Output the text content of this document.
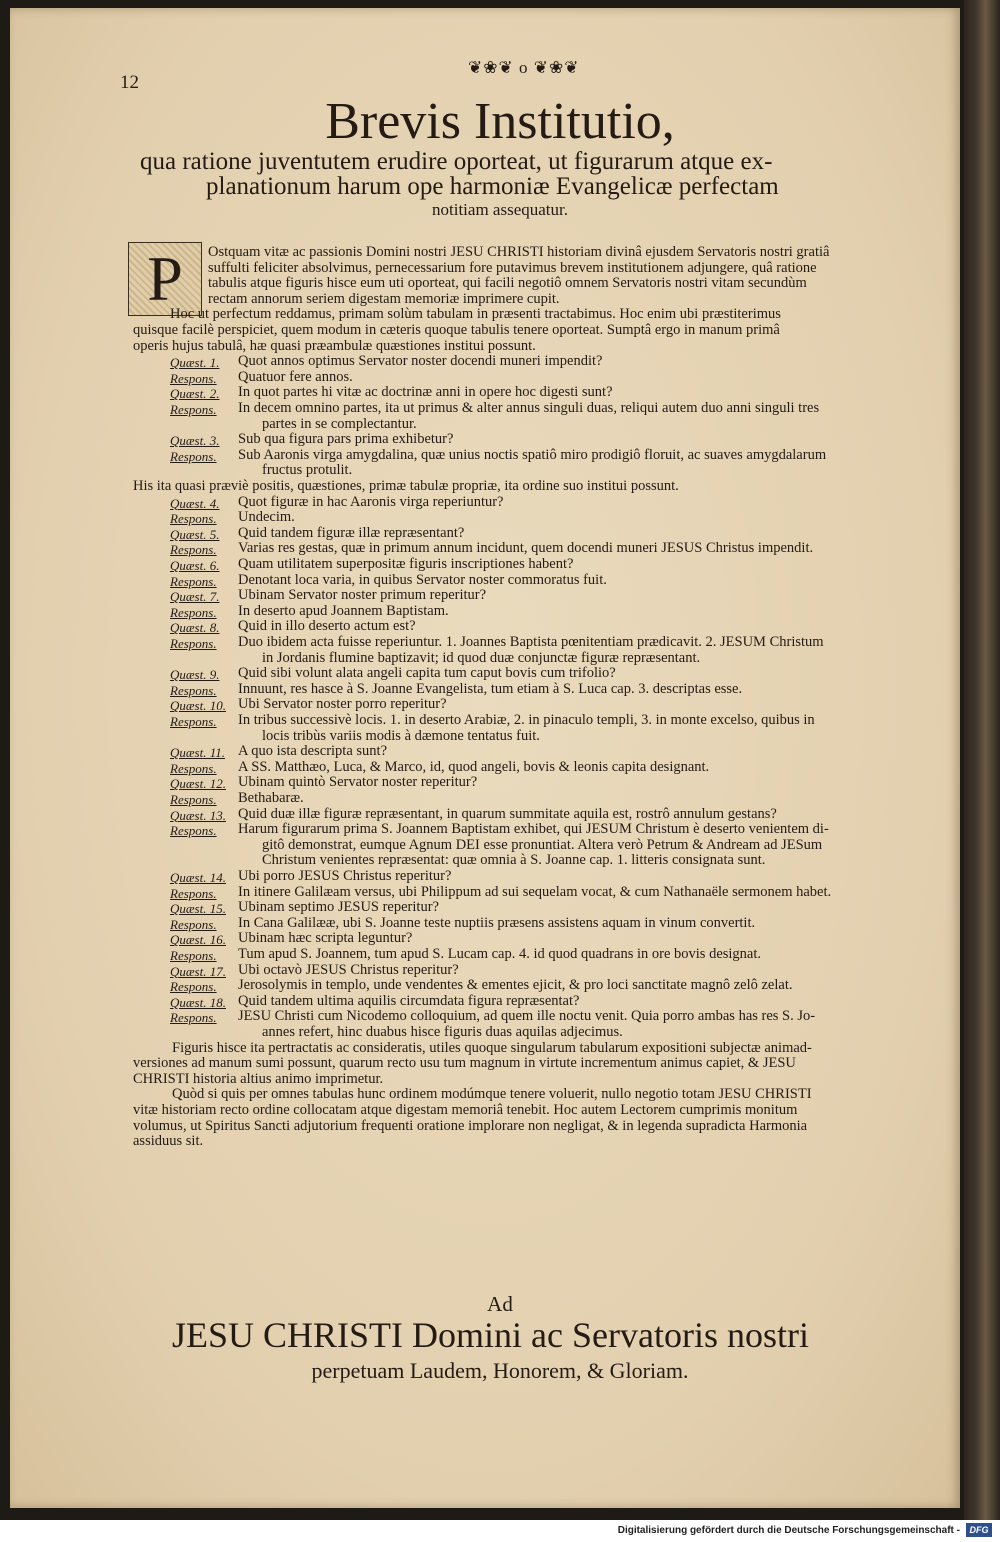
12
❦❀❦ o ❦❀❦
Brevis Institutio,
qua ratione juventutem erudire oporteat, ut figurarum atque ex-
planationum harum ope harmoniæ Evangelicæ perfectam
notitiam assequatur.
P	Ostquam vitæ ac passionis Domini nostri JESU CHRISTI historiam divinâ ejusdem Servatoris nostri gratiâ
suffulti feliciter absolvimus, pernecessarium fore putavimus brevem institutionem adjungere, quâ ratione
tabulis atque figuris hisce eum uti oporteat, qui facili negotiô omnem Servatoris nostri vitam secundùm
rectam annorum seriem digestam memoriæ imprimere cupit.
Hoc ut perfectum reddamus, primam solùm tabulam in præsenti tractabimus. Hoc enim ubi præstiterimus
quisque facilè perspiciet, quem modum in cæteris quoque tabulis tenere oporteat. Sumptâ ergo in manum primâ
operis hujus tabulâ, hæ quasi præambulæ quæstiones institui possunt.
Quæst. 1. Quot annos optimus Servator noster docendi muneri impendit?
Respons. Quatuor fere annos.
Quæst. 2. In quot partes hi vitæ ac doctrinæ anni in opere hoc digesti sunt?
Respons. In decem omnino partes, ita ut primus & alter annus singuli duas, reliqui autem duo anni singuli tres
partes in se complectantur.
Quæst. 3. Sub qua figura pars prima exhibetur?
Respons. Sub Aaronis virga amygdalina, quæ unius noctis spatiô miro prodigiô floruit, ac suaves amygdalarum
fructus protulit.
His ita quasi præviè positis, quæstiones, primæ tabulæ propriæ, ita ordine suo institui possunt.
Quæst. 4. Quot figuræ in hac Aaronis virga reperiuntur?
Respons. Undecim.
Quæst. 5. Quid tandem figuræ illæ repræsentant?
Respons. Varias res gestas, quæ in primum annum incidunt, quem docendi muneri JESUS Christus impendit.
Quæst. 6. Quam utilitatem superpositæ figuris inscriptiones habent?
Respons. Denotant loca varia, in quibus Servator noster commoratus fuit.
Quæst. 7. Ubinam Servator noster primum reperitur?
Respons. In deserto apud Joannem Baptistam.
Quæst. 8. Quid in illo deserto actum est?
Respons. Duo ibidem acta fuisse reperiuntur. 1. Joannes Baptista pœnitentiam prædicavit. 2. JESUM Christum
in Jordanis flumine baptizavit; id quod duæ conjunctæ figuræ repræsentant.
Quæst. 9. Quid sibi volunt alata angeli capita tum caput bovis cum trifolio?
Respons. Innuunt, res hasce à S. Joanne Evangelista, tum etiam à S. Luca cap. 3. descriptas esse.
Quæst. 10. Ubi Servator noster porro reperitur?
Respons. In tribus successivè locis. 1. in deserto Arabiæ, 2. in pinaculo templi, 3. in monte excelso, quibus in
locis tribùs variis modis à dæmone tentatus fuit.
Quæst. 11. A quo ista descripta sunt?
Respons. A SS. Matthæo, Luca, & Marco, id, quod angeli, bovis & leonis capita designant.
Quæst. 12. Ubinam quintò Servator noster reperitur?
Respons. Bethabaræ.
Quæst. 13. Quid duæ illæ figuræ repræsentant, in quarum summitate aquila est, rostrô annulum gestans?
Respons. Harum figurarum prima S. Joannem Baptistam exhibet, qui JESUM Christum è deserto venientem di-
gitô demonstrat, eumque Agnum DEI esse pronuntiat. Altera verò Petrum & Andream ad JESum
Christum venientes repræsentat: quæ omnia à S. Joanne cap. 1. litteris consignata sunt.
Quæst. 14. Ubi porro JESUS Christus reperitur?
Respons. In itinere Galilæam versus, ubi Philippum ad sui sequelam vocat, & cum Nathanaële sermonem habet.
Quæst. 15. Ubinam septimo JESUS reperitur?
Respons. In Cana Galilææ, ubi S. Joanne teste nuptiis præsens assistens aquam in vinum convertit.
Quæst. 16. Ubinam hæc scripta leguntur?
Respons. Tum apud S. Joannem, tum apud S. Lucam cap. 4. id quod quadrans in ore bovis designat.
Quæst. 17. Ubi octavò JESUS Christus reperitur?
Respons. Jerosolymis in templo, unde vendentes & ementes ejicit, & pro loci sanctitate magnô zelô zelat.
Quæst. 18. Quid tandem ultima aquilis circumdata figura repræsentat?
Respons. JESU Christi cum Nicodemo colloquium, ad quem ille noctu venit. Quia porro ambas has res S. Jo-
annes refert, hinc duabus hisce figuris duas aquilas adjecimus.
Figuris hisce ita pertractatis ac consideratis, utiles quoque singularum tabularum expositioni subjectæ animad-
versiones ad manum sumi possunt, quarum recto usu tum magnum in virtute incrementum animus capiet, & JESU
CHRISTI historia altius animo imprimetur.
Quòd si quis per omnes tabulas hunc ordinem modúmque tenere voluerit, nullo negotio totam JESU CHRISTI
vitæ historiam recto ordine collocatam atque digestam memoriâ tenebit. Hoc autem Lectorem cumprimis monitum
volumus, ut Spiritus Sancti adjutorium frequenti oratione implorare non negligat, & in legenda supradicta Harmonia
assiduus sit.
Ad
JESU CHRISTI Domini ac Servatoris nostri
perpetuam Laudem, Honorem, & Gloriam.
Digitalisierung gefördert durch die Deutsche Forschungsgemeinschaft -	DFG
